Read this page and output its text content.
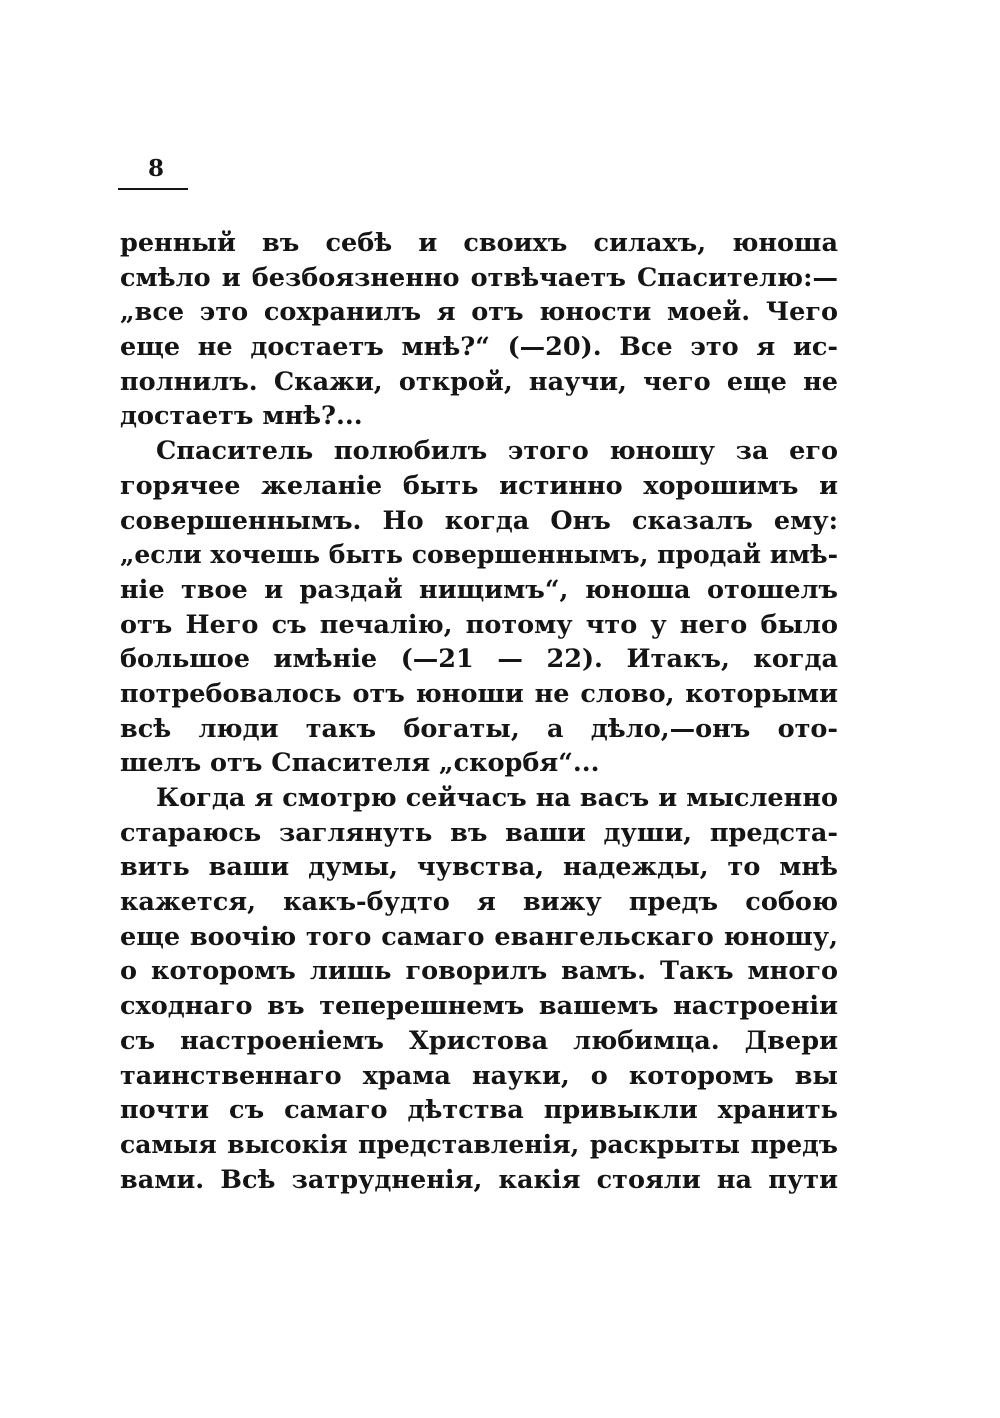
8
ренный въ себѣ и своихъ силахъ, юноша
смѣло и безбоязненно отвѣчаетъ Спасителю:—
„все это сохранилъ я отъ юности моей. Чего
еще не достаетъ мнѣ?“ (—20). Все это я ис-
полнилъ. Скажи, открой, научи, чего еще не
достаетъ мнѣ?...
Спаситель полюбилъ этого юношу за его
горячее желаніе быть истинно хорошимъ и
совершеннымъ. Но когда Онъ сказалъ ему:
„если хочешь быть совершеннымъ, продай имѣ-
ніе твое и раздай нищимъ“, юноша отошелъ
отъ Него съ печалію, потому что у него было
большое имѣніе (—21 — 22). Итакъ, когда
потребовалось отъ юноши не слово, которыми
всѣ люди такъ богаты, а дѣло,—онъ ото-
шелъ отъ Спасителя „скорбя“...
Когда я смотрю сейчасъ на васъ и мысленно
стараюсь заглянуть въ ваши души, предста-
вить ваши думы, чувства, надежды, то мнѣ
кажется, какъ-будто я вижу предъ собою
еще воочію того самаго евангельскаго юношу,
о которомъ лишь говорилъ вамъ. Такъ много
сходнаго въ теперешнемъ вашемъ настроеніи
съ настроеніемъ Христова любимца. Двери
таинственнаго храма науки, о которомъ вы
почти съ самаго дѣтства привыкли хранить
самыя высокія представленія, раскрыты предъ
вами. Всѣ затрудненія, какія стояли на пути
